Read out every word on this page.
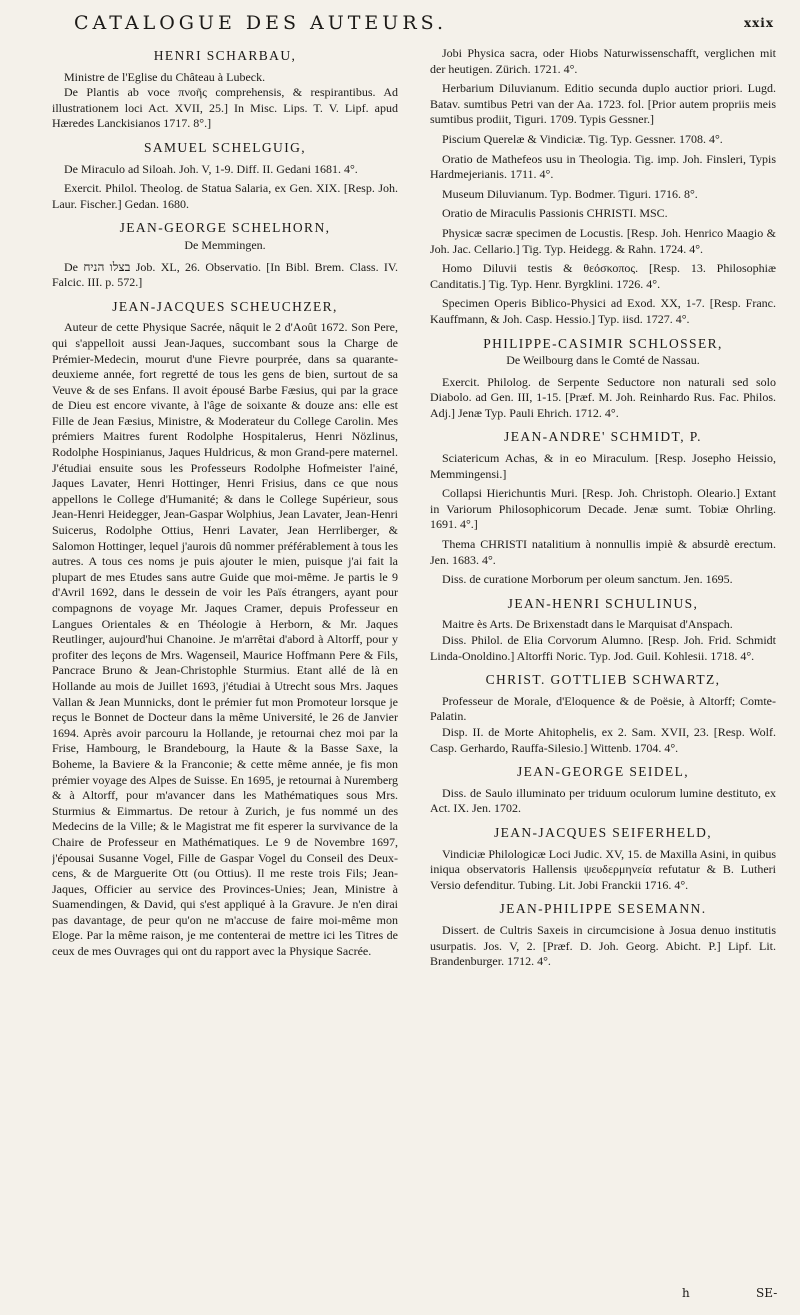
CATALOGUE DES AUTEURS.	xxix
HENRI SCHARBAU,

Ministre de l'Eglise du Château à Lubeck.

De Plantis ab voce πνοῆς comprehensis, & respirantibus. Ad illustrationem loci Act. XVII, 25.] In Misc. Lips. T. V. Lipf. apud Hæredes Lanckisianos 1717. 8°.]

SAMUEL SCHELGUIG,

De Miraculo ad Siloah. Joh. V, 1-9. Diff. II. Gedani 1681. 4°.

Exercit. Philol. Theolog. de Statua Salaria, ex Gen. XIX. [Resp. Joh. Laur. Fischer.] Gedan. 1680.

JEAN-GEORGE SCHELHORN,
De Memmingen.

De בצלו הניח Job. XL, 26. Observatio. [In Bibl. Brem. Class. IV. Falcic. III. p. 572.]

JEAN-JACQUES SCHEUCHZER,

Auteur de cette Physique Sacrée, nâquit le 2 d'Août 1672. Son Pere, qui s'appelloit aussi Jean-Jaques, succombant sous la Charge de Prémier-Medecin, mourut d'une Fievre pourprée, dans sa quarante-deuxieme année, fort regretté de tous les gens de bien, surtout de sa Veuve & de ses Enfans. Il avoit épousé Barbe Fæsius, qui par la grace de Dieu est encore vivante, à l'âge de soixante & douze ans: elle est Fille de Jean Fæsius, Ministre, & Moderateur du College Carolin. Mes prémiers Maitres furent Rodolphe Hospitalerus, Henri Nözlinus, Rodolphe Hospinianus, Jaques Huldricus, & mon Grand-pere maternel. J'étudiai ensuite sous les Professeurs Rodolphe Hofmeister l'ainé, Jaques Lavater, Henri Hottinger, Henri Frisius, dans ce que nous appellons le College d'Humanité; & dans le College Supérieur, sous Jean-Henri Heidegger, Jean-Gaspar Wolphius, Jean Lavater, Jean-Henri Suicerus, Rodolphe Ottius, Henri Lavater, Jean Herrliberger, & Salomon Hottinger, lequel j'aurois dû nommer préférablement à tous les autres. A tous ces noms je puis ajouter le mien, puisque j'ai fait la plupart de mes Etudes sans autre Guide que moi-même. Je partis le 9 d'Avril 1692, dans le dessein de voir les Païs étrangers, ayant pour compagnons de voyage Mr. Jaques Cramer, depuis Professeur en Langues Orientales & en Théologie à Herborn, & Mr. Jaques Reutlinger, aujourd'hui Chanoine. Je m'arrêtai d'abord à Altorff, pour y profiter des leçons de Mrs. Wagenseil, Maurice Hoffmann Pere & Fils, Pancrace Bruno & Jean-Christophle Sturmius. Etant allé de là en Hollande au mois de Juillet 1693, j'étudiai à Utrecht sous Mrs. Jaques Vallan & Jean Munnicks, dont le prémier fut mon Promoteur lorsque je reçus le Bonnet de Docteur dans la même Université, le 26 de Janvier 1694. Après avoir parcouru la Hollande, je retournai chez moi par la Frise, Hambourg, le Brandebourg, la Haute & la Basse Saxe, la Boheme, la Baviere & la Franconie; & cette même année, je fis mon prémier voyage des Alpes de Suisse. En 1695, je retournai à Nuremberg & à Altorff, pour m'avancer dans les Mathématiques sous Mrs. Sturmius & Eimmartus. De retour à Zurich, je fus nommé un des Medecins de la Ville; & le Magistrat me fit esperer la survivance de la Chaire de Professeur en Mathématiques. Le 9 de Novembre 1697, j'épousai Susanne Vogel, Fille de Gaspar Vogel du Conseil des Deux-cens, & de Marguerite Ott (ou Ottius). Il me reste trois Fils; Jean-Jaques, Officier au service des Provinces-Unies; Jean, Ministre à Suamendingen, & David, qui s'est appliqué à la Gravure. Je n'en dirai pas davantage, de peur qu'on ne m'accuse de faire moi-même mon Eloge. Par la même raison, je me contenterai de mettre ici les Titres de ceux de mes Ouvrages qui ont du rapport avec la Physique Sacrée.

Jobi Physica sacra, oder Hiobs Naturwissenschafft, verglichen mit der heutigen. Zürich. 1721. 4°.

Herbarium Diluvianum. Editio secunda duplo auctior priori. Lugd. Batav. sumtibus Petri van der Aa. 1723. fol. [Prior autem propriis meis sumtibus prodiit, Tiguri. 1709. Typis Gessner.]

Piscium Querelæ & Vindiciæ. Tig. Typ. Gessner. 1708. 4°.

Oratio de Mathefeos usu in Theologia. Tig. imp. Joh. Finsleri, Typis Hardmejerianis. 1711. 4°.

Museum Diluvianum. Typ. Bodmer. Tiguri. 1716. 8°.

Oratio de Miraculis Passionis CHRISTI. MSC.

Physicæ sacræ specimen de Locustis. [Resp. Joh. Henrico Maagio & Joh. Jac. Cellario.] Tig. Typ. Heidegg. & Rahn. 1724. 4°.

Homo Diluvii testis & θεόσκοπος. [Resp. 13. Philosophiæ Canditatis.] Tig. Typ. Henr. Byrgklini. 1726. 4°.

Specimen Operis Biblico-Physici ad Exod. XX, 1-7. [Resp. Franc. Kauffmann, & Joh. Casp. Hessio.] Typ. iisd. 1727. 4°.

PHILIPPE-CASIMIR SCHLOSSER,
De Weilbourg dans le Comté de Nassau.

Exercit. Philolog. de Serpente Seductore non naturali sed solo Diabolo. ad Gen. III, 1-15. [Præf. M. Joh. Reinhardo Rus. Fac. Philos. Adj.] Jenæ Typ. Pauli Ehrich. 1712. 4°.

JEAN-ANDRE' SCHMIDT, P.

Sciatericum Achas, & in eo Miraculum. [Resp. Josepho Heissio, Memmingensi.]

Collapsi Hierichuntis Muri. [Resp. Joh. Christoph. Oleario.] Extant in Variorum Philosophicorum Decade. Jenæ sumt. Tobiæ Ohrling. 1691. 4°.]

Thema CHRISTI natalitium à nonnullis impiè & absurdè erectum. Jen. 1683. 4°.

Diss. de curatione Morborum per oleum sanctum. Jen. 1695.

JEAN-HENRI SCHULINUS,

Maitre ès Arts. De Brixenstadt dans le Marquisat d'Anspach.

Diss. Philol. de Elia Corvorum Alumno. [Resp. Joh. Frid. Schmidt Linda-Onoldino.] Altorffi Noric. Typ. Jod. Guil. Kohlesii. 1718. 4°.

CHRIST. GOTTLIEB SCHWARTZ,

Professeur de Morale, d'Eloquence & de Poësie, à Altorff; Comte-Palatin.

Disp. II. de Morte Ahitophelis, ex 2. Sam. XVII, 23. [Resp. Wolf. Casp. Gerhardo, Rauffa-Silesio.] Wittenb. 1704. 4°.

JEAN-GEORGE SEIDEL,

Diss. de Saulo illuminato per triduum oculorum lumine destituto, ex Act. IX. Jen. 1702.

JEAN-JACQUES SEIFERHELD,

Vindiciæ Philologicæ Loci Judic. XV, 15. de Maxilla Asini, in quibus iniqua observatoris Hallensis ψευδερμηνεία refutatur & B. Lutheri Versio defenditur. Tubing. Lit. Jobi Franckii 1716. 4°.

JEAN-PHILIPPE SESEMANN.

Dissert. de Cultris Saxeis in circumcisione à Josua denuo institutis usurpatis. Jos. V, 2. [Præf. D. Joh. Georg. Abicht. P.] Lipf. Lit. Brandenburger. 1712. 4°.

h	SE-
